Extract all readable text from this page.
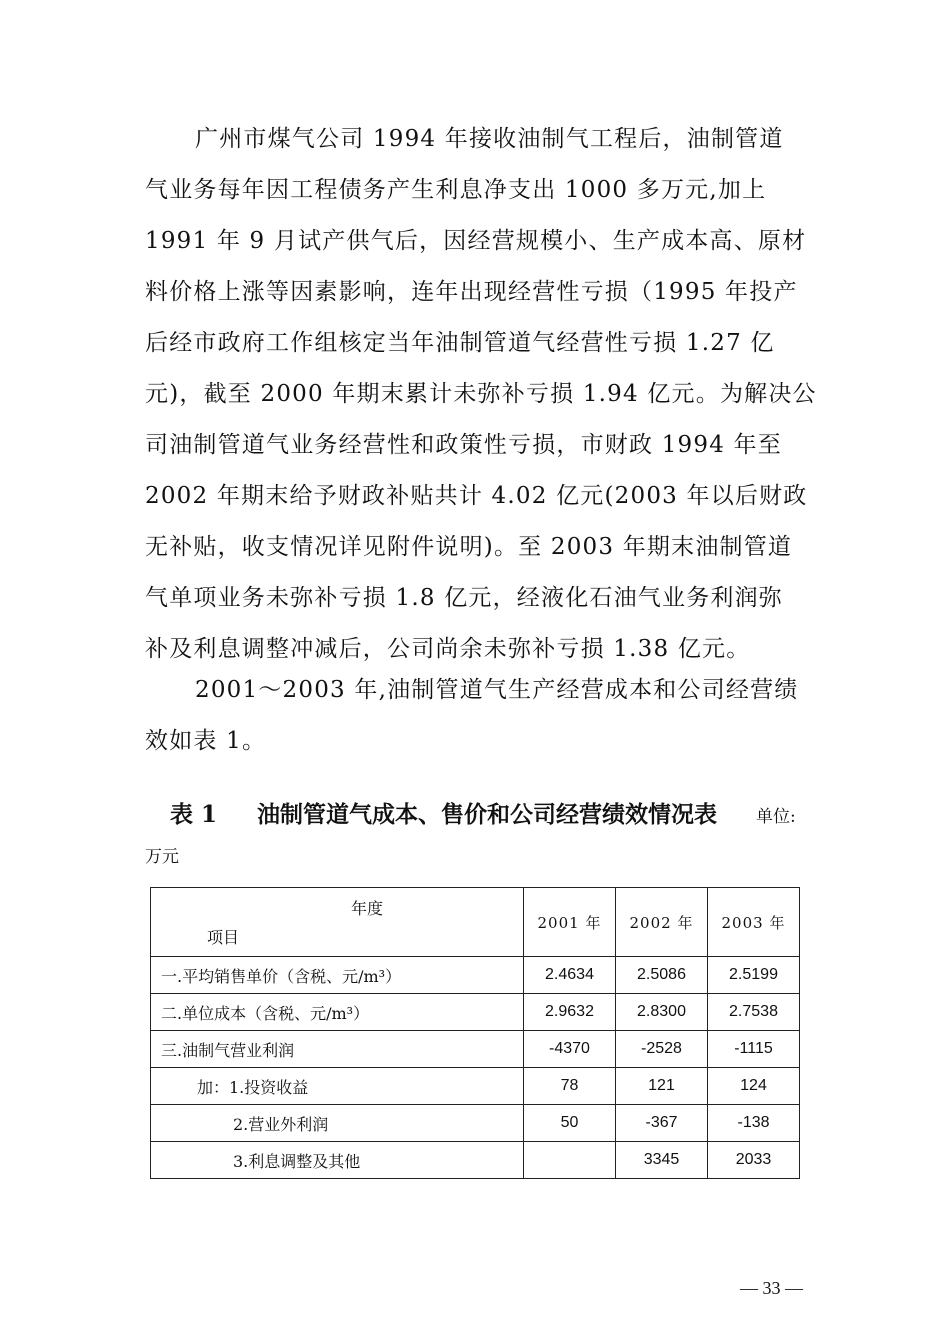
广州市煤气公司 1994 年接收油制气工程后，油制管道
气业务每年因工程债务产生利息净支出 1000 多万元,加上
1991 年 9 月试产供气后，因经营规模小、生产成本高、原材
料价格上涨等因素影响，连年出现经营性亏损（1995 年投产
后经市政府工作组核定当年油制管道气经营性亏损 1.27 亿
元)，截至 2000 年期末累计未弥补亏损 1.94 亿元。为解决公
司油制管道气业务经营性和政策性亏损，市财政 1994 年至
2002 年期末给予财政补贴共计 4.02 亿元(2003 年以后财政
无补贴，收支情况详见附件说明)。至 2003 年期末油制管道
气单项业务未弥补亏损 1.8 亿元，经液化石油气业务利润弥
补及利息调整冲减后，公司尚余未弥补亏损 1.38 亿元。
2001～2003 年,油制管道气生产经营成本和公司经营绩
效如表 1。
表 1 油制管道气成本、售价和公司经营绩效情况表 单位:
万元
年度
项目	2001 年	2002 年	2003 年
一.平均销售单价（含税、元/m³）	2.4634	2.5086	2.5199
二.单位成本（含税、元/m³）	2.9632	2.8300	2.7538
三.油制气营业利润	-4370	-2528	-1115
加：1.投资收益	78	121	124
2.营业外利润	50	-367	-138
3.利息调整及其他		3345	2033
— 33 —
